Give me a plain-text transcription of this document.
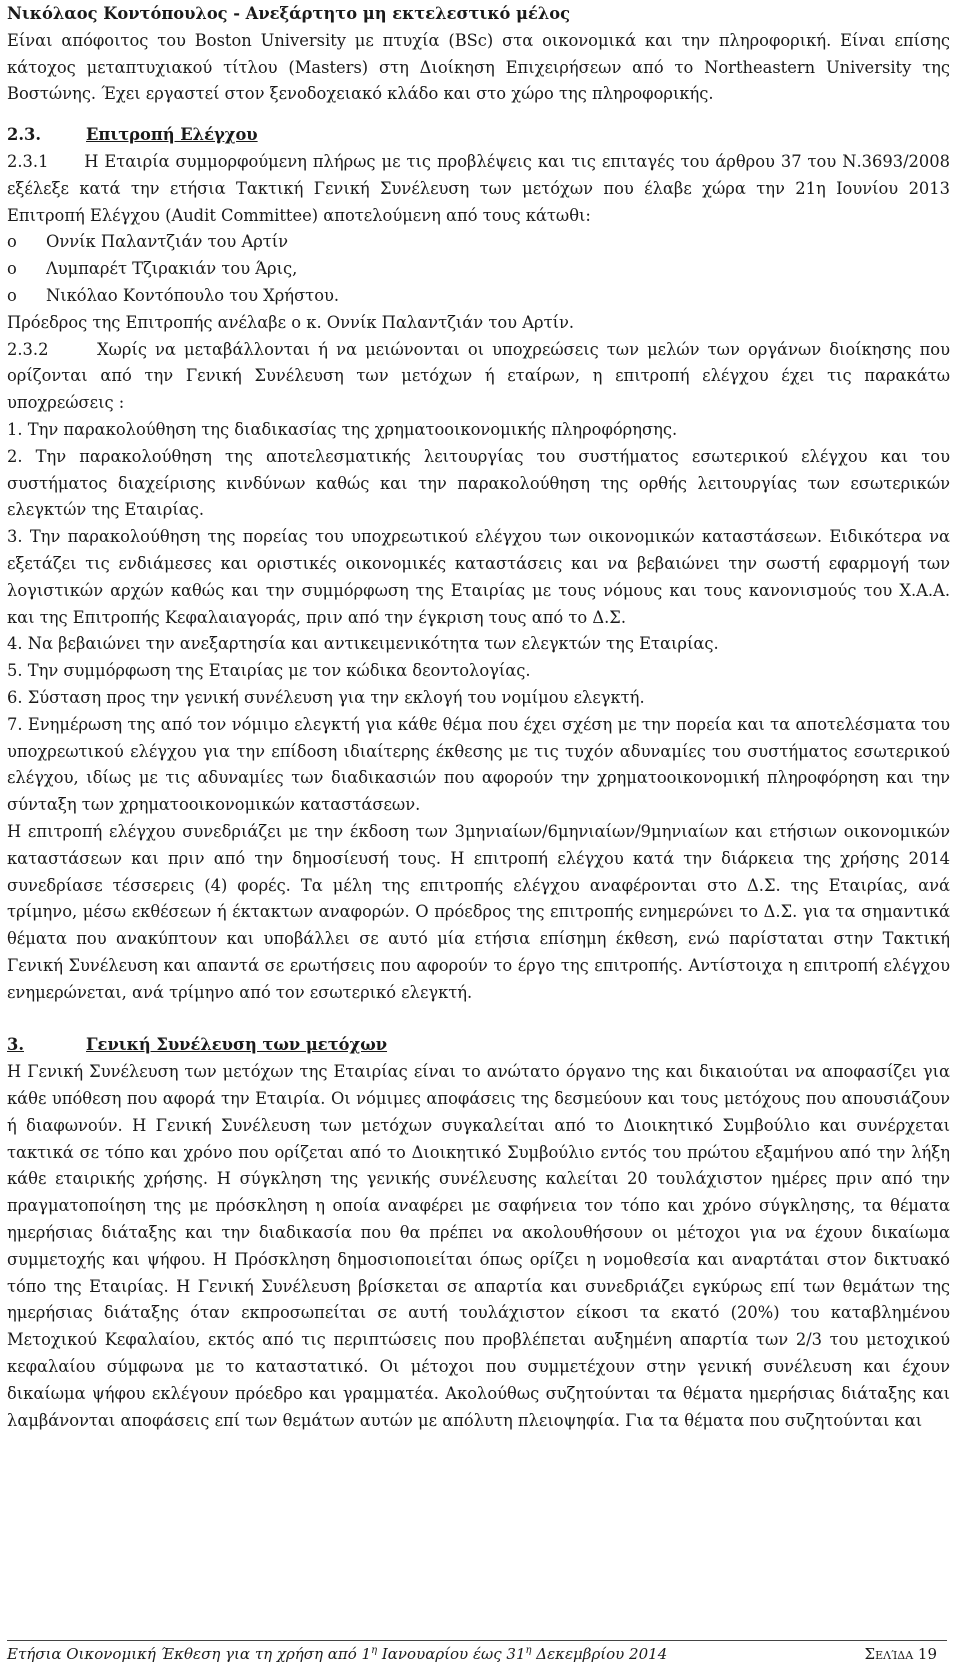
Νικόλαος Κοντόπουλος - Ανεξάρτητο μη εκτελεστικό μέλος

Είναι απόφοιτος του Boston University με πτυχία (BSc) στα οικονομικά και την πληροφορική. Είναι επίσης κάτοχος μεταπτυχιακού τίτλου (Masters) στη Διοίκηση Επιχειρήσεων από το Northeastern University της Βοστώνης. Έχει εργαστεί στον ξενοδοχειακό κλάδο και στο χώρο της πληροφορικής.

2.3.	Επιτροπή Ελέγχου

2.3.1 Η Εταιρία συμμορφούμενη πλήρως με τις προβλέψεις και τις επιταγές του άρθρου 37 του Ν.3693/2008 εξέλεξε κατά την ετήσια Τακτική Γενική Συνέλευση των μετόχων που έλαβε χώρα την 21η Ιουνίου 2013 Επιτροπή Ελέγχου (Audit Committee) αποτελούμενη από τους κάτωθι:

o	Οννίκ Παλαντζιάν του Αρτίν
o	Λυμπαρέτ Τζιρακιάν του Άρις,
o	Νικόλαο Κοντόπουλο του Χρήστου.

Πρόεδρος της Επιτροπής ανέλαβε ο κ. Οννίκ Παλαντζιάν του Αρτίν.

2.3.2	Χωρίς να μεταβάλλονται ή να μειώνονται οι υποχρεώσεις των μελών των οργάνων διοίκησης που ορίζονται από την Γενική Συνέλευση των μετόχων ή εταίρων, η επιτροπή ελέγχου έχει τις παρακάτω υποχρεώσεις :

1. Την παρακολούθηση της διαδικασίας της χρηματοοικονομικής πληροφόρησης.

2. Την παρακολούθηση της αποτελεσματικής λειτουργίας του συστήματος εσωτερικού ελέγχου και του συστήματος διαχείρισης κινδύνων καθώς και την παρακολούθηση της ορθής λειτουργίας των εσωτερικών ελεγκτών της Εταιρίας.

3. Την παρακολούθηση της πορείας του υποχρεωτικού ελέγχου των οικονομικών καταστάσεων. Ειδικότερα να εξετάζει τις ενδιάμεσες και οριστικές οικονομικές καταστάσεις και να βεβαιώνει την σωστή εφαρμογή των λογιστικών αρχών καθώς και την συμμόρφωση της Εταιρίας με τους νόμους και τους κανονισμούς του Χ.Α.Α. και της Επιτροπής Κεφαλαιαγοράς, πριν από την έγκριση τους από το Δ.Σ.

4. Να βεβαιώνει την ανεξαρτησία και αντικειμενικότητα των ελεγκτών της Εταιρίας.

5. Την συμμόρφωση της Εταιρίας με τον κώδικα δεοντολογίας.

6. Σύσταση προς την γενική συνέλευση για την εκλογή του νομίμου ελεγκτή.

7. Ενημέρωση της από τον νόμιμο ελεγκτή για κάθε θέμα που έχει σχέση με την πορεία και τα αποτελέσματα του υποχρεωτικού ελέγχου για την επίδοση ιδιαίτερης έκθεσης με τις τυχόν αδυναμίες του συστήματος εσωτερικού ελέγχου, ιδίως με τις αδυναμίες των διαδικασιών που αφορούν την χρηματοοικονομική πληροφόρηση και την σύνταξη των χρηματοοικονομικών καταστάσεων.

Η επιτροπή ελέγχου συνεδριάζει με την έκδοση των 3μηνιαίων/6μηνιαίων/9μηνιαίων και ετήσιων οικονομικών καταστάσεων και πριν από την δημοσίευσή τους. Η επιτροπή ελέγχου κατά την διάρκεια της χρήσης 2014 συνεδρίασε τέσσερεις (4) φορές. Τα μέλη της επιτροπής ελέγχου αναφέρονται στο Δ.Σ. της Εταιρίας, ανά τρίμηνο, μέσω εκθέσεων ή έκτακτων αναφορών. Ο πρόεδρος της επιτροπής ενημερώνει το Δ.Σ. για τα σημαντικά θέματα που ανακύπτουν και υποβάλλει σε αυτό μία ετήσια επίσημη έκθεση, ενώ παρίσταται στην Τακτική Γενική Συνέλευση και απαντά σε ερωτήσεις που αφορούν το έργο της επιτροπής. Αντίστοιχα η επιτροπή ελέγχου ενημερώνεται, ανά τρίμηνο από τον εσωτερικό ελεγκτή.

3.	Γενική Συνέλευση των μετόχων

Η Γενική Συνέλευση των μετόχων της Εταιρίας είναι το ανώτατο όργανο της και δικαιούται να αποφασίζει για κάθε υπόθεση που αφορά την Εταιρία. Οι νόμιμες αποφάσεις της δεσμεύουν και τους μετόχους που απουσιάζουν ή διαφωνούν. Η Γενική Συνέλευση των μετόχων συγκαλείται από το Διοικητικό Συμβούλιο και συνέρχεται τακτικά σε τόπο και χρόνο που ορίζεται από το Διοικητικό Συμβούλιο εντός του πρώτου εξαμήνου από την λήξη κάθε εταιρικής χρήσης. Η σύγκληση της γενικής συνέλευσης καλείται 20 τουλάχιστον ημέρες πριν από την πραγματοποίηση της με πρόσκληση η οποία αναφέρει με σαφήνεια τον τόπο και χρόνο σύγκλησης, τα θέματα ημερήσιας διάταξης και την διαδικασία που θα πρέπει να ακολουθήσουν οι μέτοχοι για να έχουν δικαίωμα συμμετοχής και ψήφου. Η Πρόσκληση δημοσιοποιείται όπως ορίζει η νομοθεσία και αναρτάται στον δικτυακό τόπο της Εταιρίας. Η Γενική Συνέλευση βρίσκεται σε απαρτία και συνεδριάζει εγκύρως επί των θεμάτων της ημερήσιας διάταξης όταν εκπροσωπείται σε αυτή τουλάχιστον είκοσι τα εκατό (20%) του καταβλημένου Μετοχικού Κεφαλαίου, εκτός από τις περιπτώσεις που προβλέπεται αυξημένη απαρτία των 2/3 του μετοχικού κεφαλαίου σύμφωνα με το καταστατικό. Οι μέτοχοι που συμμετέχουν στην γενική συνέλευση και έχουν δικαίωμα ψήφου εκλέγουν πρόεδρο και γραμματέα. Ακολούθως συζητούνται τα θέματα ημερήσιας διάταξης και λαμβάνονται αποφάσεις επί των θεμάτων αυτών με απόλυτη πλειοψηφία. Για τα θέματα που συζητούνται και

Ετήσια Οικονομική Έκθεση για τη χρήση από $1^\eta$ Ιανουαρίου έως $31^\eta$ Δεκεμβρίου 2014	Σελίδα 19
